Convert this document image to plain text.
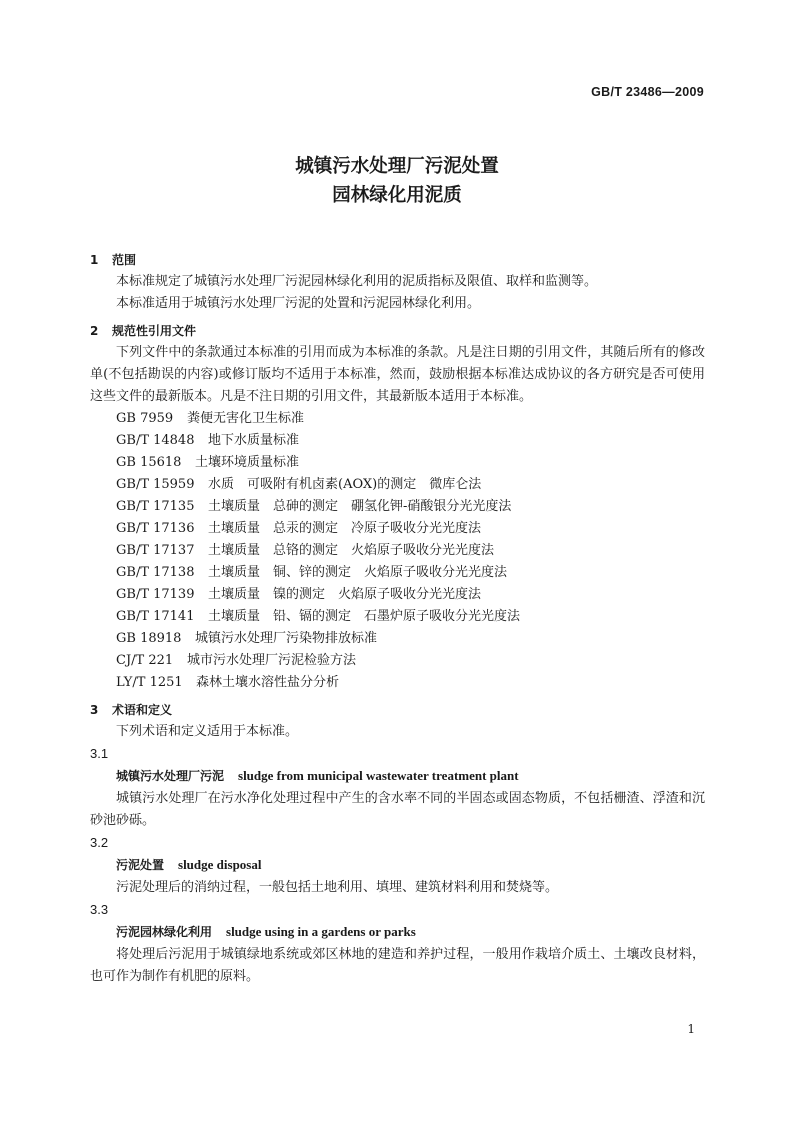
GB/T 23486—2009
城镇污水处理厂污泥处置
园林绿化用泥质
1 范围
本标准规定了城镇污水处理厂污泥园林绿化利用的泥质指标及限值、取样和监测等。
本标准适用于城镇污水处理厂污泥的处置和污泥园林绿化利用。
2 规范性引用文件
下列文件中的条款通过本标准的引用而成为本标准的条款。凡是注日期的引用文件，其随后所有的修改单(不包括勘误的内容)或修订版均不适用于本标准，然而，鼓励根据本标准达成协议的各方研究是否可使用这些文件的最新版本。凡是不注日期的引用文件，其最新版本适用于本标准。
GB 7959　 粪便无害化卫生标准
GB/T 14848　 地下水质量标准
GB 15618　 土壤环境质量标准
GB/T 15959　 水质　可吸附有机卤素(AOX)的测定　微库仑法
GB/T 17135　 土壤质量　总砷的测定　硼氢化钾-硝酸银分光光度法
GB/T 17136　 土壤质量　总汞的测定　冷原子吸收分光光度法
GB/T 17137　 土壤质量　总铬的测定　火焰原子吸收分光光度法
GB/T 17138　 土壤质量　铜、锌的测定　火焰原子吸收分光光度法
GB/T 17139　 土壤质量　镍的测定　火焰原子吸收分光光度法
GB/T 17141　 土壤质量　铅、镉的测定　石墨炉原子吸收分光光度法
GB 18918　 城镇污水处理厂污染物排放标准
CJ/T 221　 城市污水处理厂污泥检验方法
LY/T 1251　 森林土壤水溶性盐分分析
3 术语和定义
下列术语和定义适用于本标准。
3.1
城镇污水处理厂污泥 sludge from municipal wastewater treatment plant
城镇污水处理厂在污水净化处理过程中产生的含水率不同的半固态或固态物质，不包括栅渣、浮渣和沉砂池砂砾。
3.2
污泥处置 sludge disposal
污泥处理后的消纳过程，一般包括土地利用、填埋、建筑材料利用和焚烧等。
3.3
污泥园林绿化利用 sludge using in a gardens or parks
将处理后污泥用于城镇绿地系统或郊区林地的建造和养护过程，一般用作栽培介质土、土壤改良材料，也可作为制作有机肥的原料。
1
